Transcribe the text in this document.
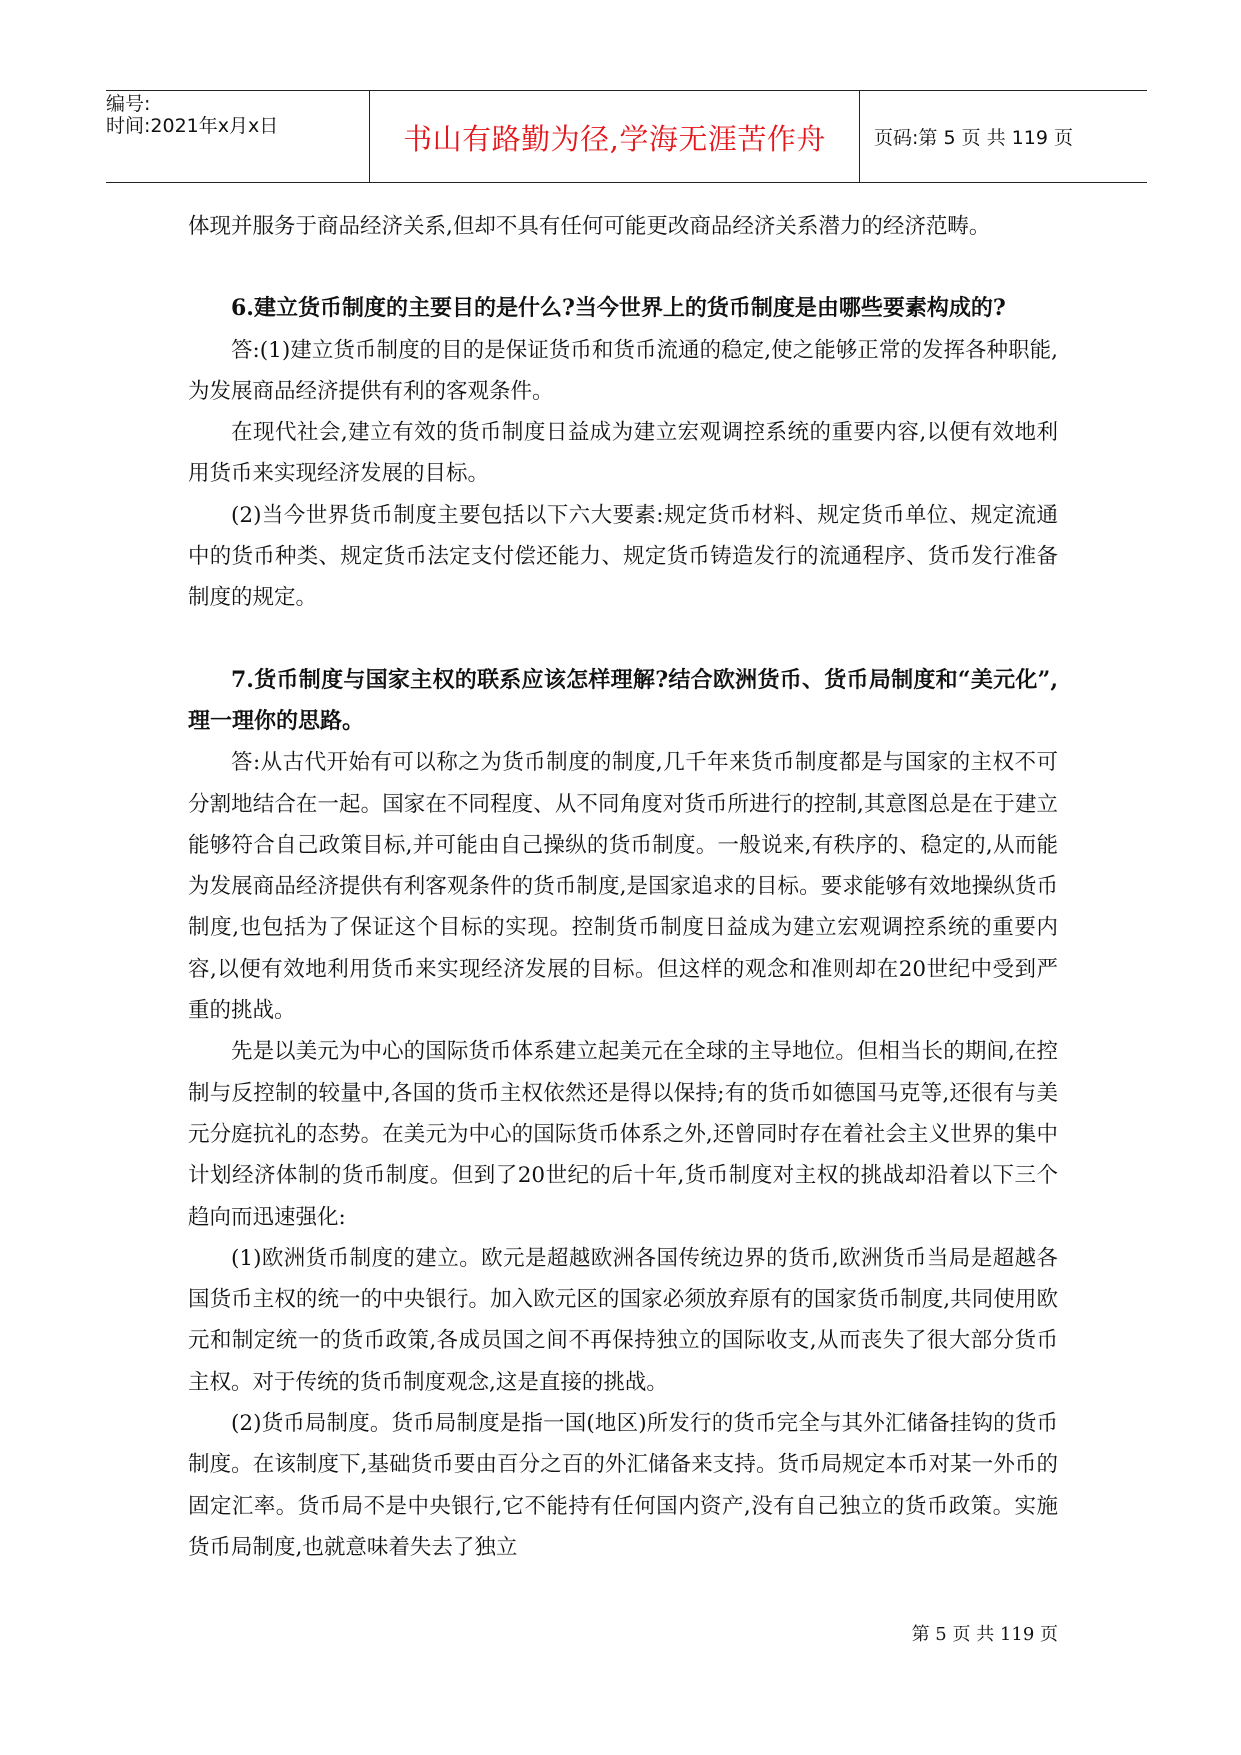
编号:
时间:2021年x月x日	书山有路勤为径,学海无涯苦作舟	页码:第 5 页 共 119 页

体现并服务于商品经济关系,但却不具有任何可能更改商品经济关系潜力的经济范畴。

6.建立货币制度的主要目的是什么?当今世界上的货币制度是由哪些要素构成的?

答:(1)建立货币制度的目的是保证货币和货币流通的稳定,使之能够正常的发挥各种职能,为发展商品经济提供有利的客观条件。

在现代社会,建立有效的货币制度日益成为建立宏观调控系统的重要内容,以便有效地利用货币来实现经济发展的目标。

(2)当今世界货币制度主要包括以下六大要素:规定货币材料、规定货币单位、规定流通中的货币种类、规定货币法定支付偿还能力、规定货币铸造发行的流通程序、货币发行准备制度的规定。

7.货币制度与国家主权的联系应该怎样理解?结合欧洲货币、货币局制度和“美元化”,理一理你的思路。

答:从古代开始有可以称之为货币制度的制度,几千年来货币制度都是与国家的主权不可分割地结合在一起。国家在不同程度、从不同角度对货币所进行的控制,其意图总是在于建立能够符合自己政策目标,并可能由自己操纵的货币制度。一般说来,有秩序的、稳定的,从而能为发展商品经济提供有利客观条件的货币制度,是国家追求的目标。要求能够有效地操纵货币制度,也包括为了保证这个目标的实现。控制货币制度日益成为建立宏观调控系统的重要内容,以便有效地利用货币来实现经济发展的目标。但这样的观念和准则却在20世纪中受到严重的挑战。

先是以美元为中心的国际货币体系建立起美元在全球的主导地位。但相当长的期间,在控制与反控制的较量中,各国的货币主权依然还是得以保持;有的货币如德国马克等,还很有与美元分庭抗礼的态势。在美元为中心的国际货币体系之外,还曾同时存在着社会主义世界的集中计划经济体制的货币制度。但到了20世纪的后十年,货币制度对主权的挑战却沿着以下三个趋向而迅速强化:

(1)欧洲货币制度的建立。欧元是超越欧洲各国传统边界的货币,欧洲货币当局是超越各国货币主权的统一的中央银行。加入欧元区的国家必须放弃原有的国家货币制度,共同使用欧元和制定统一的货币政策,各成员国之间不再保持独立的国际收支,从而丧失了很大部分货币主权。对于传统的货币制度观念,这是直接的挑战。

(2)货币局制度。货币局制度是指一国(地区)所发行的货币完全与其外汇储备挂钩的货币制度。在该制度下,基础货币要由百分之百的外汇储备来支持。货币局规定本币对某一外币的固定汇率。货币局不是中央银行,它不能持有任何国内资产,没有自己独立的货币政策。实施货币局制度,也就意味着失去了独立

第 5 页 共 119 页
